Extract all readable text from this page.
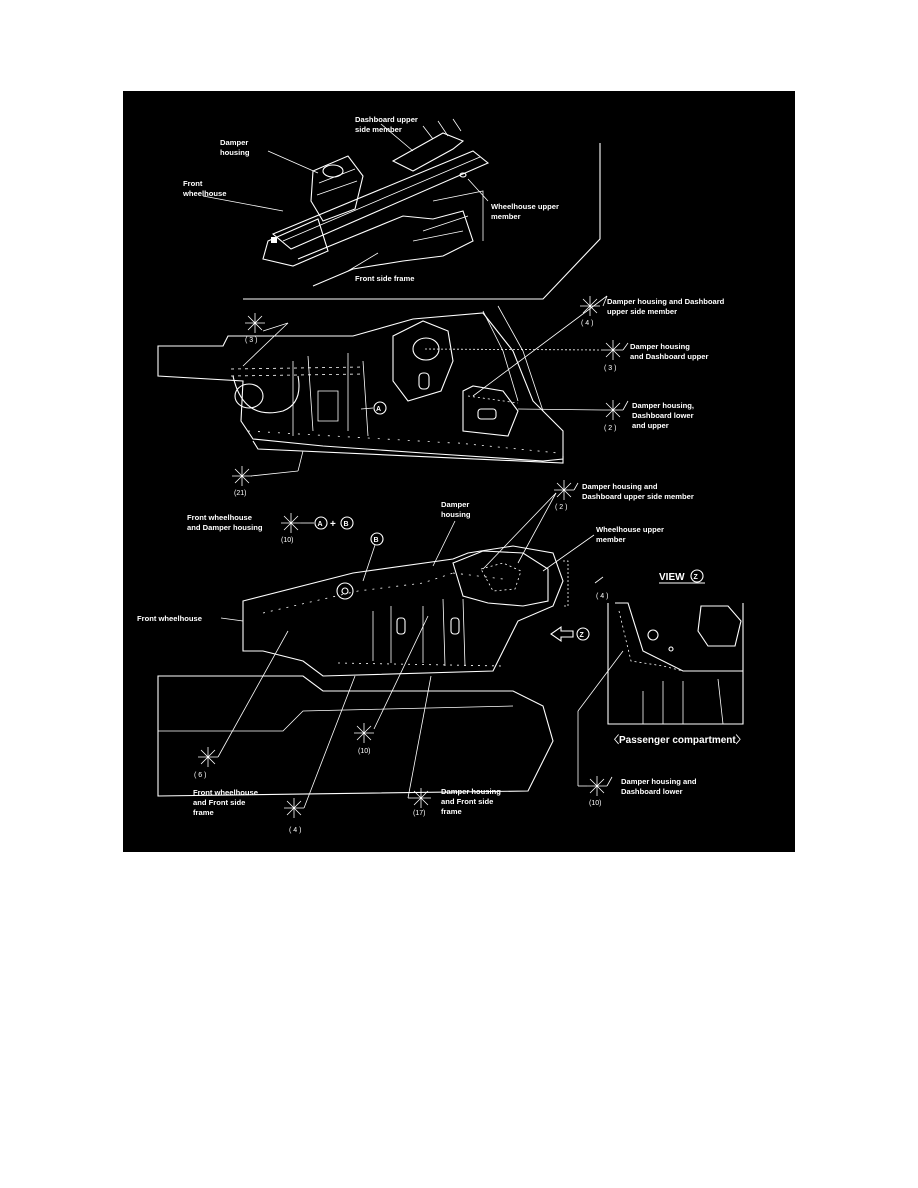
Dashboard upper
side member
Damper
housing
Front
wheelhouse
Wheelhouse upper
member
Front side frame
A
( 3 )
( 4 )
Damper housing and Dashboard
upper side member
( 3 )
Damper housing
and Dashboard upper
( 2 )
Damper housing,
Dashboard lower
and upper
(21)
Front wheelhouse
and Damper housing
(10)
A + B
Damper
housing
B
Z
Front wheelhouse
Wheelhouse upper
member
( 2 )
Damper housing and
Dashboard upper side member
( 4 )
( 6 )
(10)
( 4 )
Front wheelhouse
and Front side
frame	(17)
Damper housing
and Front side
frame
VIEW Z
〈Passenger compartment〉
(10)
Damper housing and
Dashboard lower
